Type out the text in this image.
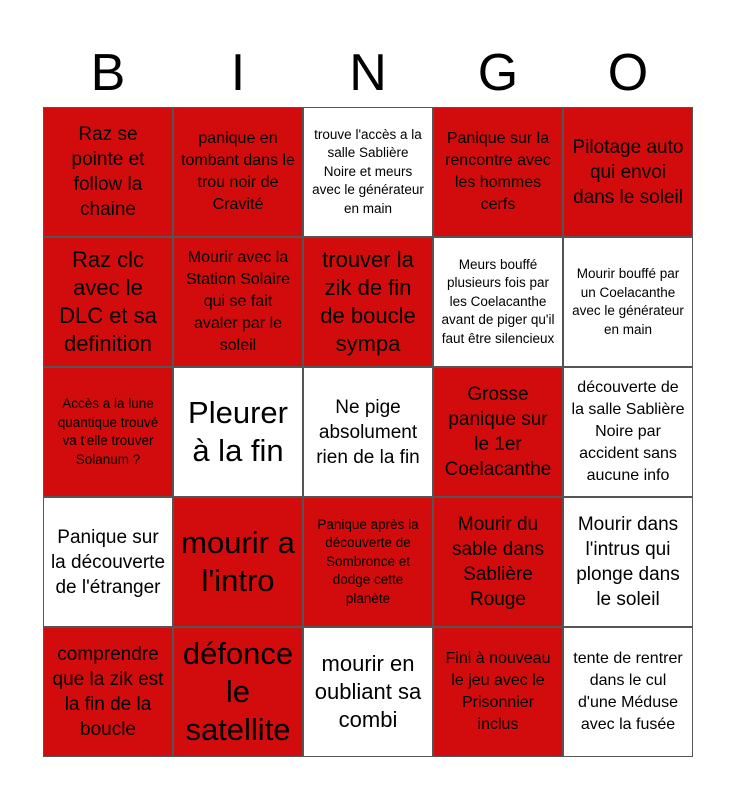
B	I	N	G	O
Raz se pointe et follow la chaine
panique en tombant dans le trou noir de Cravité
trouve l'accès a la salle Sablière Noire et meurs avec le générateur en main
Panique sur la rencontre avec les hommes cerfs
Pilotage auto qui envoi dans le soleil
Raz clc avec le DLC et sa definition
Mourir avec la Station Solaire qui se fait avaler par le soleil
trouver la zik de fin de boucle sympa
Meurs bouffé plusieurs fois par les Coelacanthe avant de piger qu'il faut être silencieux
Mourir bouffé par un Coelacanthe avec le générateur en main
Accès a la lune quantique trouvé va t'elle trouver Solanum ?
Pleurer à la fin
Ne pige absolument rien de la fin
Grosse panique sur le 1er Coelacanthe
découverte de la salle Sablière Noire par accident sans aucune info
Panique sur la découverte de l'étranger
mourir a l'intro
Panique après la découverte de Sombronce et dodge cette planète
Mourir du sable dans Sablière Rouge
Mourir dans l'intrus qui plonge dans le soleil
comprendre que la zik est la fin de la boucle
défonce le satellite
mourir en oubliant sa combi
Fini à nouveau le jeu avec le Prisonnier inclus
tente de rentrer dans le cul d'une Méduse avec la fusée
